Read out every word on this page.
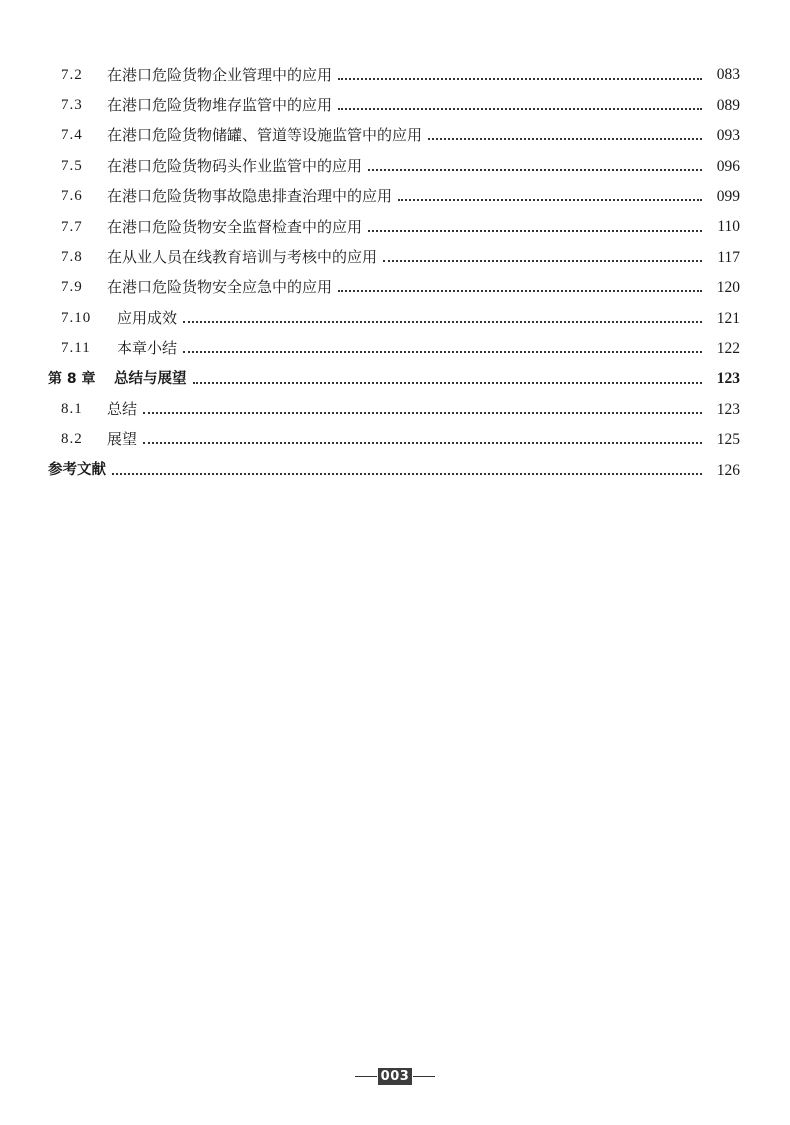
7.2	在港口危险货物企业管理中的应用	083
7.3	在港口危险货物堆存监管中的应用	089
7.4	在港口危险货物储罐、管道等设施监管中的应用	093
7.5	在港口危险货物码头作业监管中的应用	096
7.6	在港口危险货物事故隐患排查治理中的应用	099
7.7	在港口危险货物安全监督检查中的应用	110
7.8	在从业人员在线教育培训与考核中的应用	117
7.9	在港口危险货物安全应急中的应用	120
7.10	应用成效	121
7.11	本章小结	122
第 8 章	总结与展望	123
8.1	总结	123
8.2	展望	125
参考文献	126
003
